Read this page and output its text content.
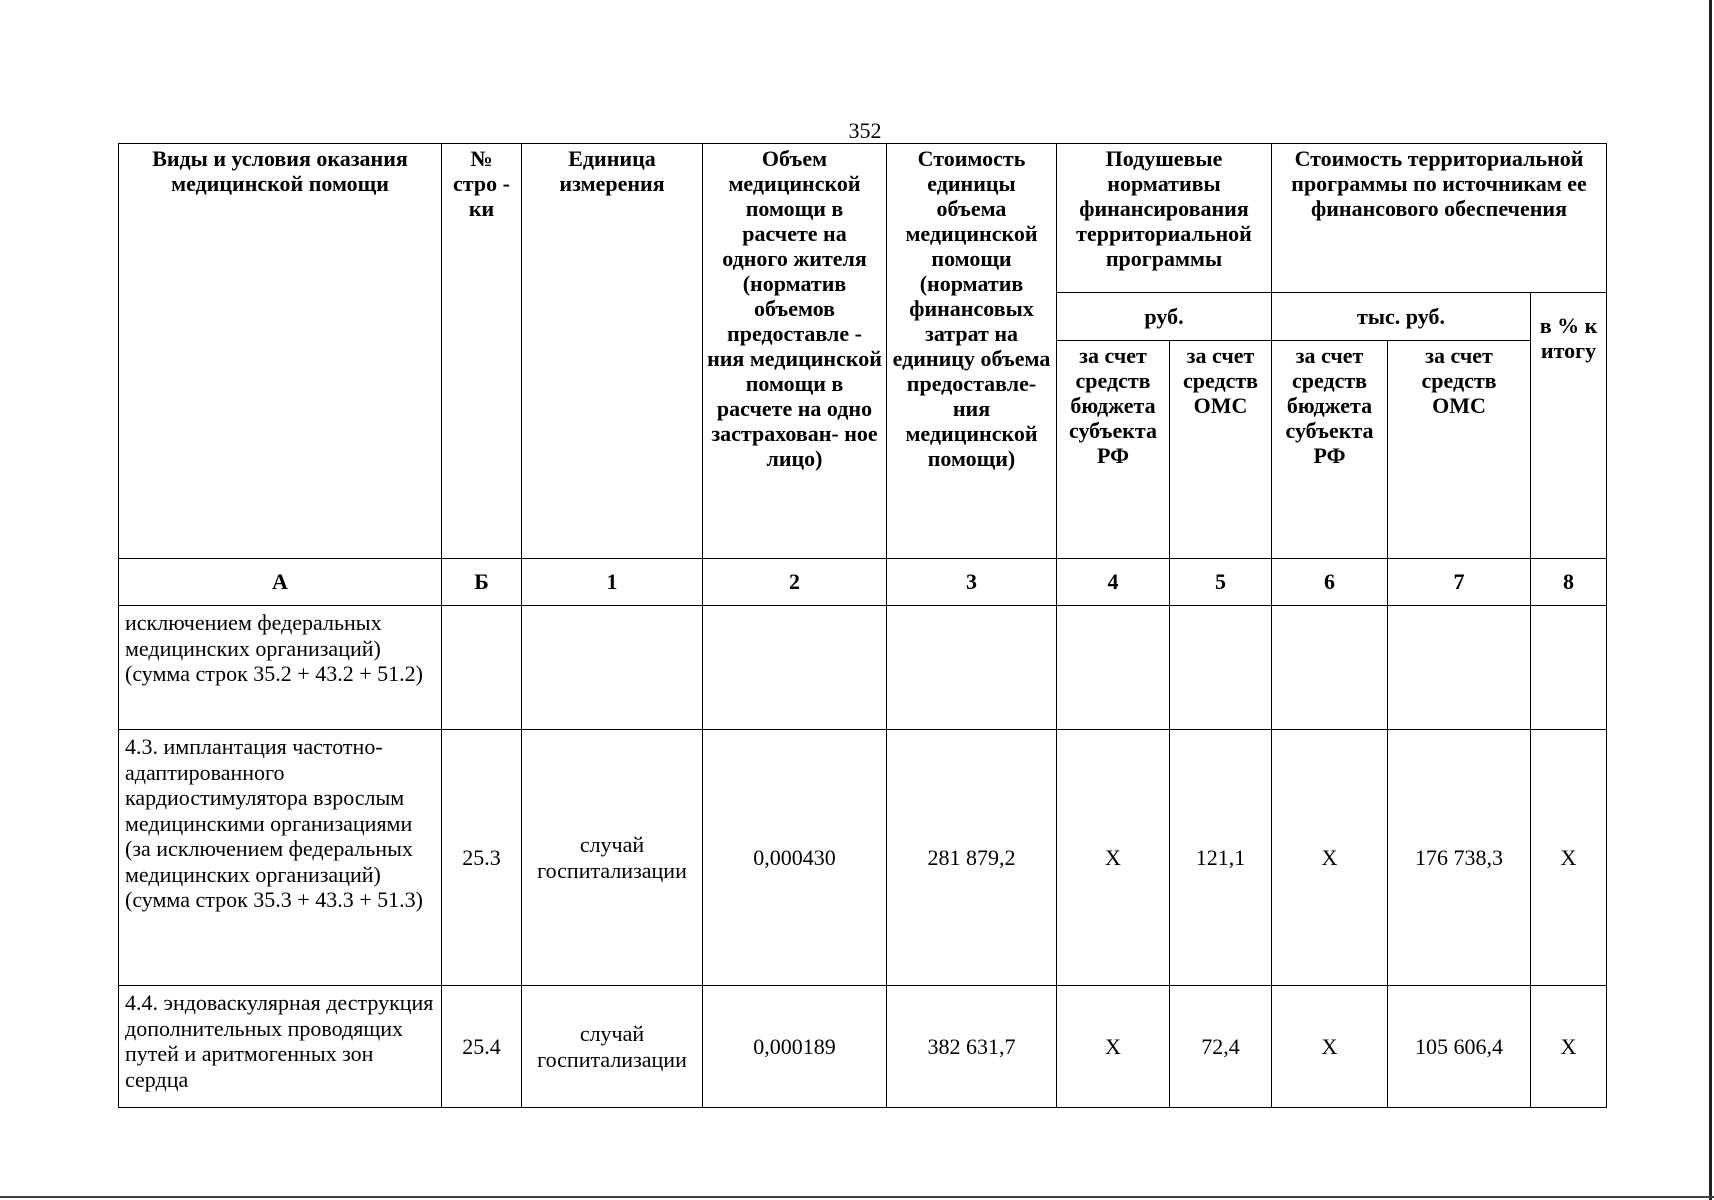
352
Виды и условия оказания медицинской помощи	№ стро - ки	Единица измерения	Объем медицинской помощи в расчете на одного жителя (норматив объемов предоставле - ния медицинской помощи в расчете на одно застрахован- ное лицо)	Стоимость единицы объема медицинской помощи (норматив финансовых затрат на единицу объема предоставле- ния медицинской помощи)	Подушевые нормативы финансирования территориальной программы		Стоимость территориальной программы по источникам ее финансового обеспечения		
					руб.		тыс. руб.		в % к итогу
					за счет средств бюджета субъекта РФ	за счет средств ОМС	за счет средств бюджета субъекта РФ	за счет средств ОМС	
А	Б	1	2	3	4	5	6	7	8
исключением федеральных медицинских организаций) (сумма строк 35.2 + 43.2 + 51.2)									
4.3. имплантация частотно-адаптированного кардиостимулятора взрослым медицинскими организациями (за исключением федеральных медицинских организаций) (сумма строк 35.3 + 43.3 + 51.3)	25.3	случай госпитализации	0,000430	281 879,2	X	121,1	X	176 738,3	X
4.4. эндоваскулярная деструкция дополнительных проводящих путей и аритмогенных зон сердца	25.4	случай госпитализации	0,000189	382 631,7	X	72,4	X	105 606,4	X
